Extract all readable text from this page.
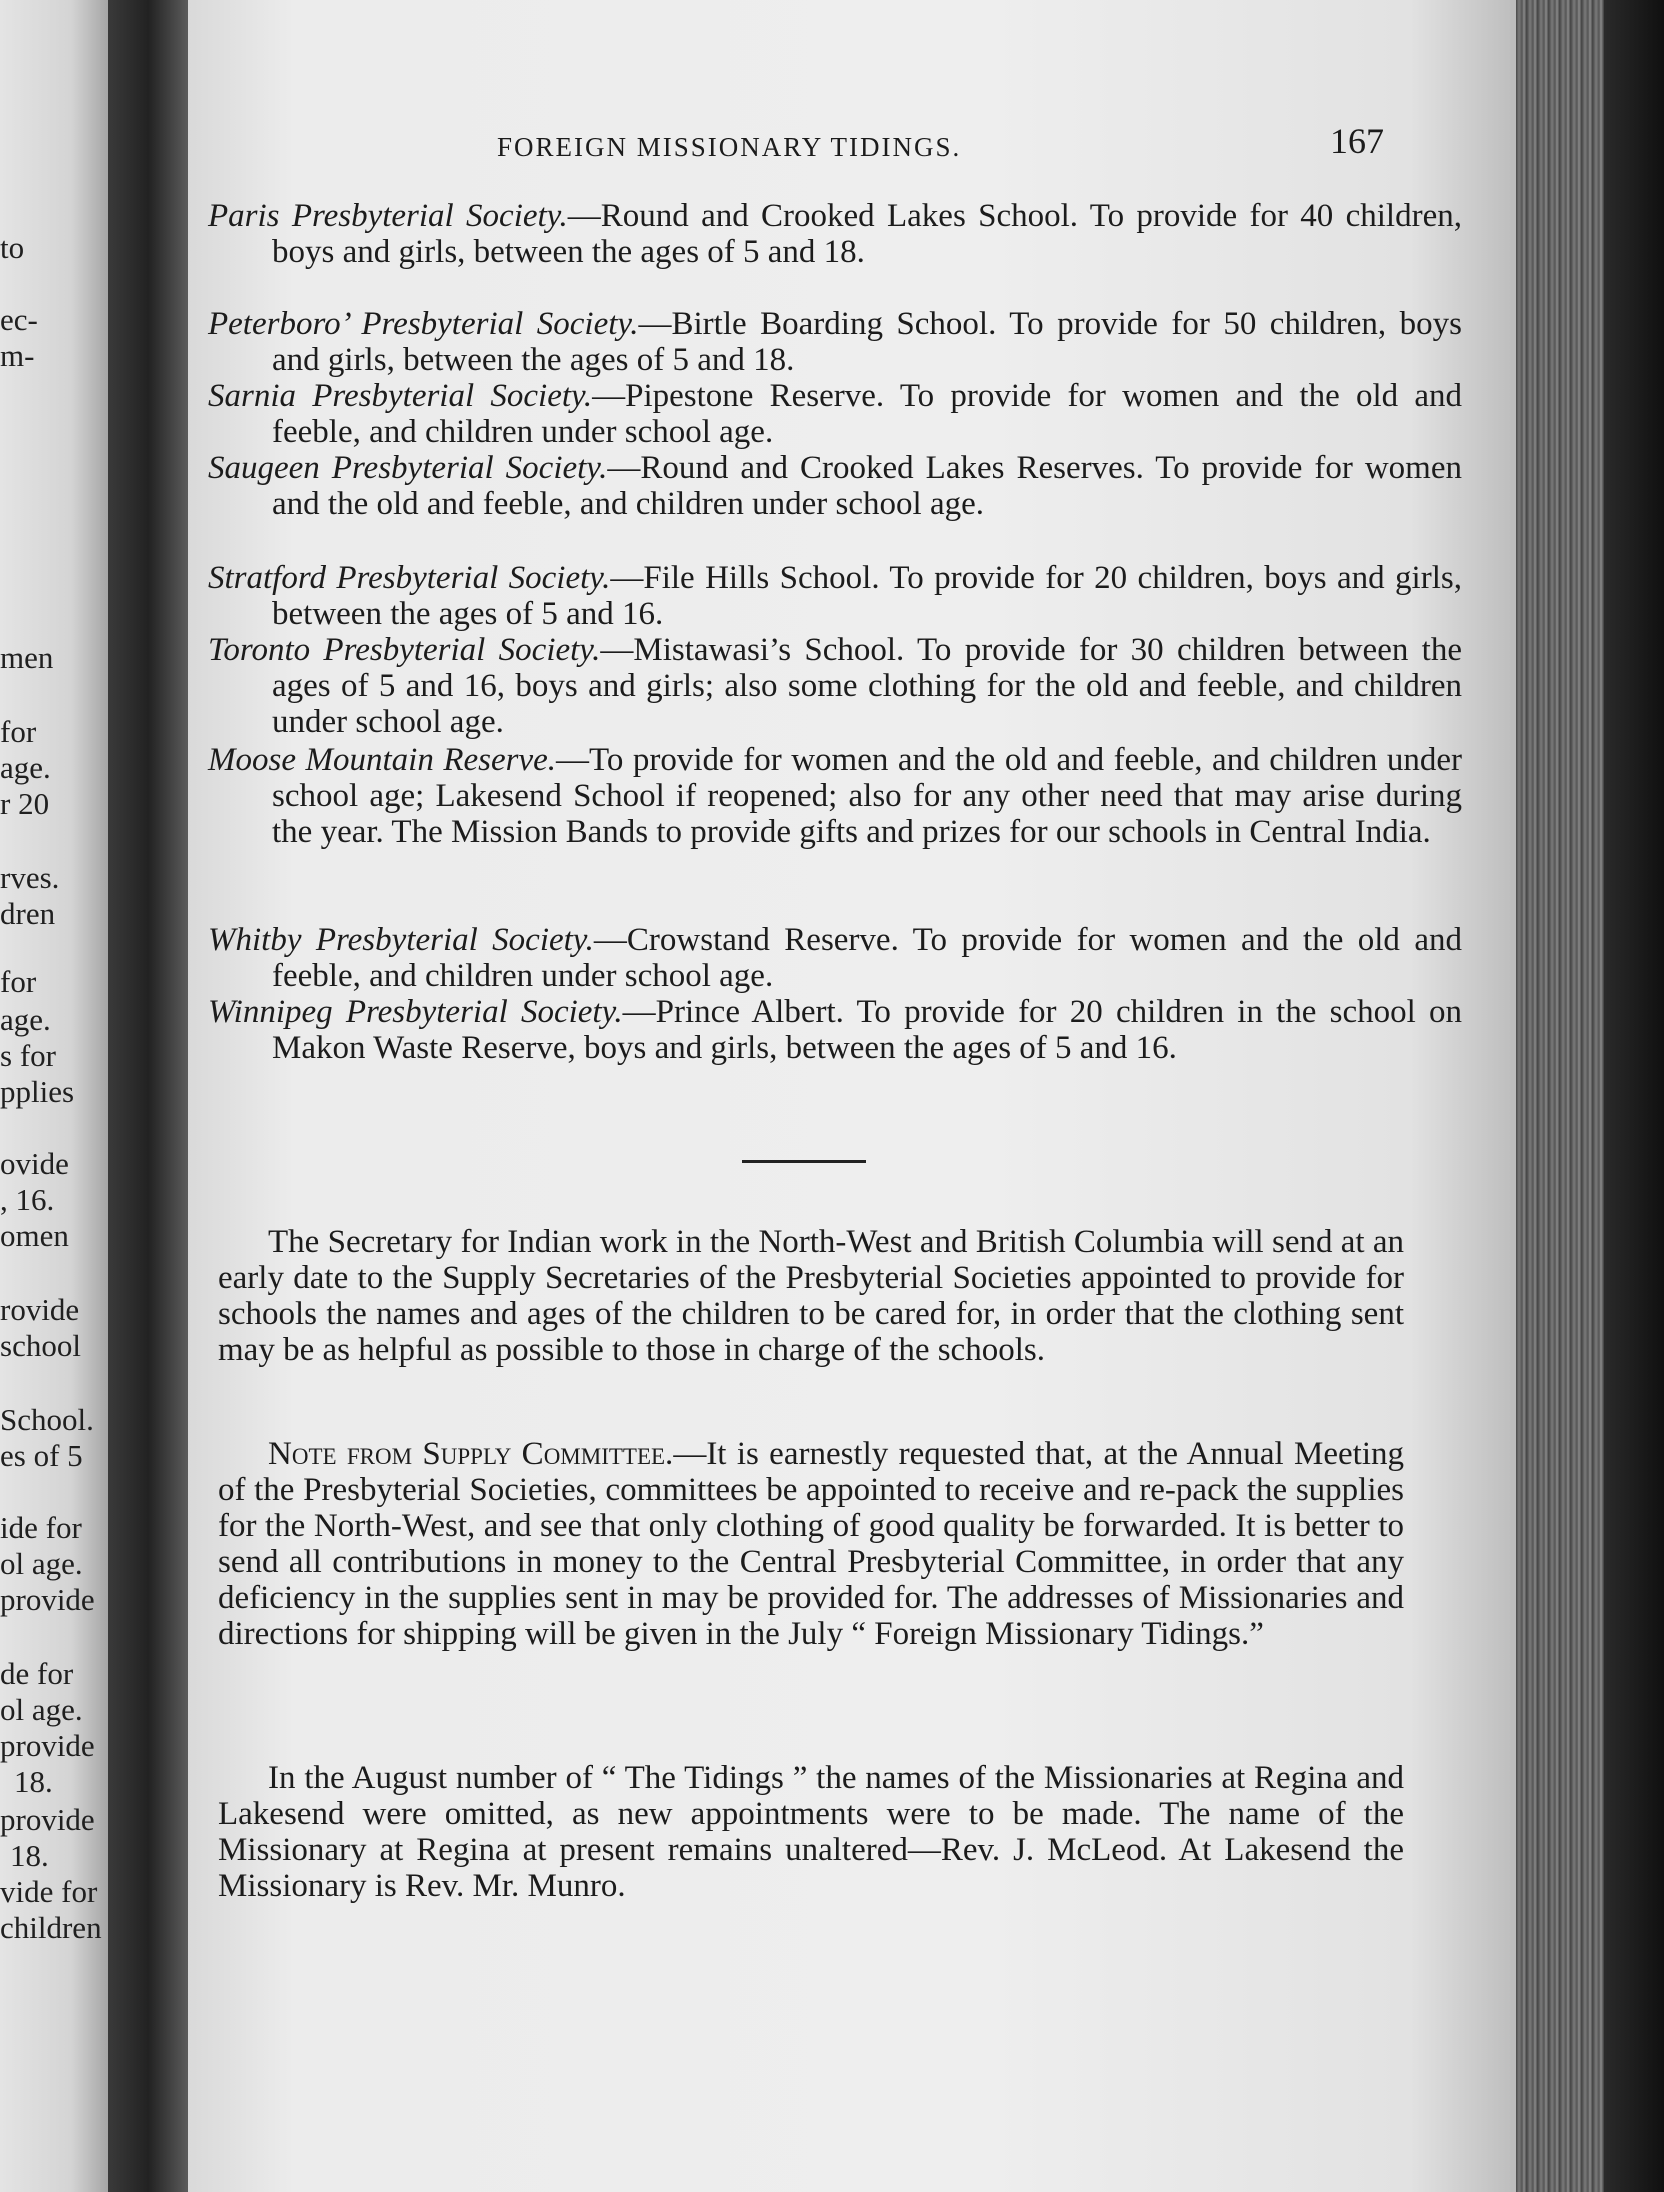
to
ec-
m-
men
for
age.
r 20
rves.
dren
for
age.
s for
pplies
ovide
, 16.
omen
rovide
school
School.
es of 5
ide for
ol age.
provide
de for
ol age.
provide
18.
provide
18.
vide for
children
FOREIGN MISSIONARY TIDINGS.	167
Paris Presbyterial Society.—Round and Crooked Lakes School. To provide for 40 children, boys and girls, between the ages of 5 and 18.
Peterboro’ Presbyterial Society.—Birtle Boarding School. To provide for 50 children, boys and girls, between the ages of 5 and 18.
Sarnia Presbyterial Society.—Pipestone Reserve. To provide for women and the old and feeble, and children under school age.
Saugeen Presbyterial Society.—Round and Crooked Lakes Reserves. To provide for women and the old and feeble, and children under school age.
Stratford Presbyterial Society.—File Hills School. To provide for 20 children, boys and girls, between the ages of 5 and 16.
Toronto Presbyterial Society.—Mistawasi’s School. To provide for 30 children between the ages of 5 and 16, boys and girls; also some clothing for the old and feeble, and children under school age.
Moose Mountain Reserve.—To provide for women and the old and feeble, and children under school age; Lakesend School if reopened; also for any other need that may arise during the year. The Mission Bands to provide gifts and prizes for our schools in Central India.
Whitby Presbyterial Society.—Crowstand Reserve. To provide for women and the old and feeble, and children under school age.
Winnipeg Presbyterial Society.—Prince Albert. To provide for 20 children in the school on Makon Waste Reserve, boys and girls, between the ages of 5 and 16.
The Secretary for Indian work in the North-West and British Columbia will send at an early date to the Supply Secretaries of the Presbyterial Societies appointed to provide for schools the names and ages of the children to be cared for, in order that the clothing sent may be as helpful as possible to those in charge of the schools.
Note from Supply Committee.—It is earnestly requested that, at the Annual Meeting of the Presbyterial Societies, committees be appointed to receive and re-pack the supplies for the North-West, and see that only clothing of good quality be forwarded. It is better to send all contributions in money to the Central Presbyterial Committee, in order that any deficiency in the supplies sent in may be provided for. The addresses of Missionaries and directions for shipping will be given in the July “ Foreign Missionary Tidings.”
In the August number of “ The Tidings ” the names of the Missionaries at Regina and Lakesend were omitted, as new appointments were to be made. The name of the Missionary at Regina at present remains unaltered—Rev. J. McLeod. At Lakesend the Missionary is Rev. Mr. Munro.
